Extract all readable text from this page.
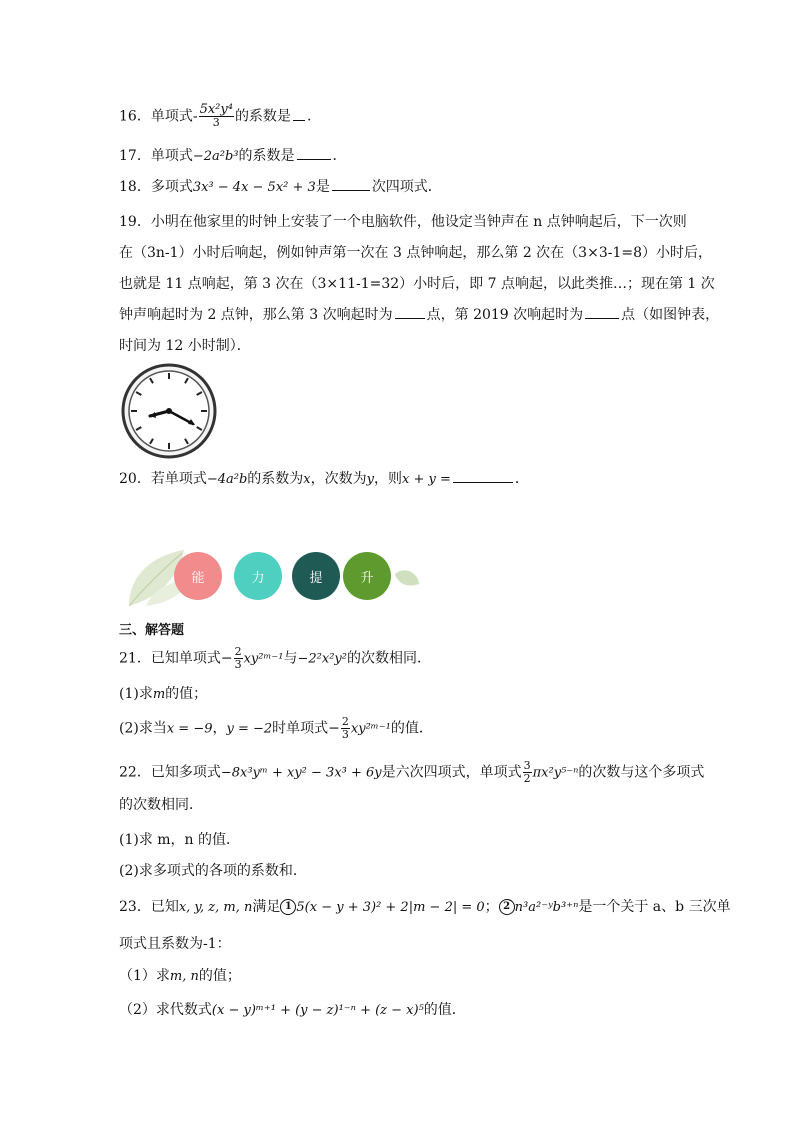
16．单项式- $\frac{\text{5x²y⁴}}{3}$ 的系数是 .
17．单项式−2a²b³的系数是	．
18．多项式3x³ − 4x − 5x² + 3是	次四项式．
19．小明在他家里的时钟上安装了一个电脑软件，他设定当钟声在 n 点钟响起后，下一次则
在（3n-1）小时后响起，例如钟声第一次在 3 点钟响起，那么第 2 次在（3×3-1=8）小时后，
也就是 11 点响起，第 3 次在（3×11-1=32）小时后，即 7 点响起，以此类推…；现在第 1 次
钟声响起时为 2 点钟，那么第 3 次响起时为 点，第 2019 次响起时为	点（如图钟表，
时间为 12 小时制）．
20．若单项式−4a²b的系数为x，次数为y，则x + y =	．
能	力	提	升
三、解答题
21．已知单项式− $\frac{2}{3}$ xy²ᵐ⁻¹与−2²x²y²的次数相同．
(1)求m的值；
(2)求当x = −9，y = −2时单项式− $\frac{2}{3}$ xy²ᵐ⁻¹的值．
22．已知多项式−8x³yᵐ + xy² − 3x³ + 6y是六次四项式，单项式 $\frac{3}{2} \pi x^2y^{5-n}$的次数与这个多项式
的次数相同．
(1)求 m，n 的值．
(2)求多项式的各项的系数和．
23．已知x, y, z, m, n满足 1 5(x − y + 3)² + 2|m − 2| = 0； 2 n³a²⁻ʸb³⁺ⁿ是一个关于 a、b 三次单
项式且系数为-1：
（1）求m, n的值；
（2）求代数式(x − y)ᵐ⁺¹ + (y − z)¹⁻ⁿ + (z − x)⁵的值．
